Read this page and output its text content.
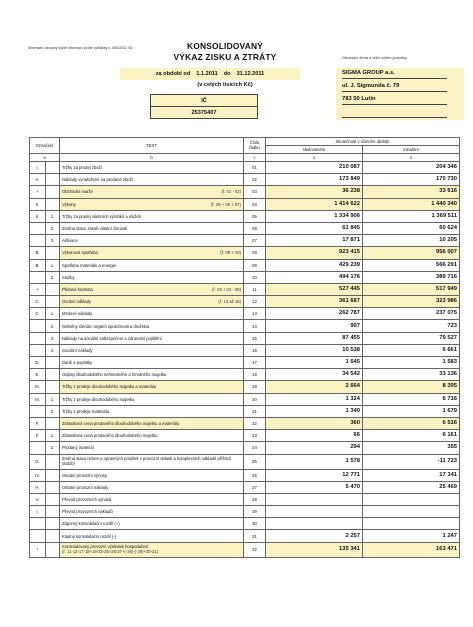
Minimální závazný výčet informací podle vyhlášky č. 500/2002 Sb.	KONSOLIDOVANÝ
VÝKAZ ZISKU A ZTRÁTY
za období od 1.1.2011 do 31.12.2011
(v celých tisících Kč)
IČ
25375407
Obchodní firma a sídlo účetní jednotky
SIGMA GROUP a.s.
ul. J. Sigmunda č. 79
783 50 Lutín
Označení		TEXT	Číslo řádku	Skutečnost v účetním období	
				sledovaném	minulém
a		b	c	1	2
I.		Tržby za prodej zboží	01	210 087	204 346
A.		Náklady vynaložené na prodané zboží	02	173 849	170 730
+		Obchodní marže (ř. 01 - 02)	03	36 238	33 616
II.		Výkony (ř. 05 + 06 + 07)	04	1 414 622	1 440 340
II.	1.	Tržby za prodej vlastních výrobků a služeb	05	1 334 906	1 369 511
	2.	Změna stavu zásob vlastní činnosti	06	61 845	60 624
	3.	Aktivace	07	17 871	10 205
B.		Výkonová spotřeba (ř. 09 + 10)	08	923 415	956 007
B.	1.	Spotřeba materiálu a energie	09	429 239	566 291
	2.	Služby	10	494 176	389 716
+		Přidaná hodnota (ř. 03 + 04 - 08)	11	527 445	517 949
C.		Osobní náklady (ř. 13 až 16)	12	361 687	323 986
C.	1.	Mzdové náklady	13	262 787	237 075
	2.	Odměny členům orgánů společnosti a družstva	14	907	723
	3.	Náklady na sociální zabezpečení a zdravotní pojištění	15	87 455	79 527
	4.	Sociální náklady	16	10 538	6 661
D.		Daně a poplatky	17	1 645	1 583
E.		Odpisy dlouhodobého nehmotného a hmotného majetku	18	34 542	33 136
III.		Tržby z prodeje dlouhodobého majetku a materiálu	19	2 664	8 395
III.	1.	Tržby z prodeje dlouhodobého majetku	20	1 324	6 716
	2.	Tržby z prodeje materiálu	21	1 340	1 679
F.		Zůstatková cena prodaného dlouhodobého majetku a materiálu	22	360	6 516
F.	1.	Zůstatková cena prodaného dlouhodobého majetku	23	66	6 161
	2.	Prodaný materiál	24	294	355
G.		Změna stavu rezerv a opravných položek v provozní oblasti a komplexních nákladů příštích období	25	1 578	-11 723
IV.		Ostatní provozní výnosy	26	12 771	17 341
H.		Ostatní provozní náklady	27	5 470	25 469
V.		Převod provozních výnosů	28		
I.		Převod provozních nákladů	29		

		Záporný konsolidační rozdíl (+)	30		

		Kladný konsolidační rozdíl (-)	31	2 257	1 247
*		Konsolidovaný provozní výsledek hospodaření
(ř. 11-12-17-18+19-22-25+26-27+(-28)-(-29)+30-31)	32	135 341	163 471
